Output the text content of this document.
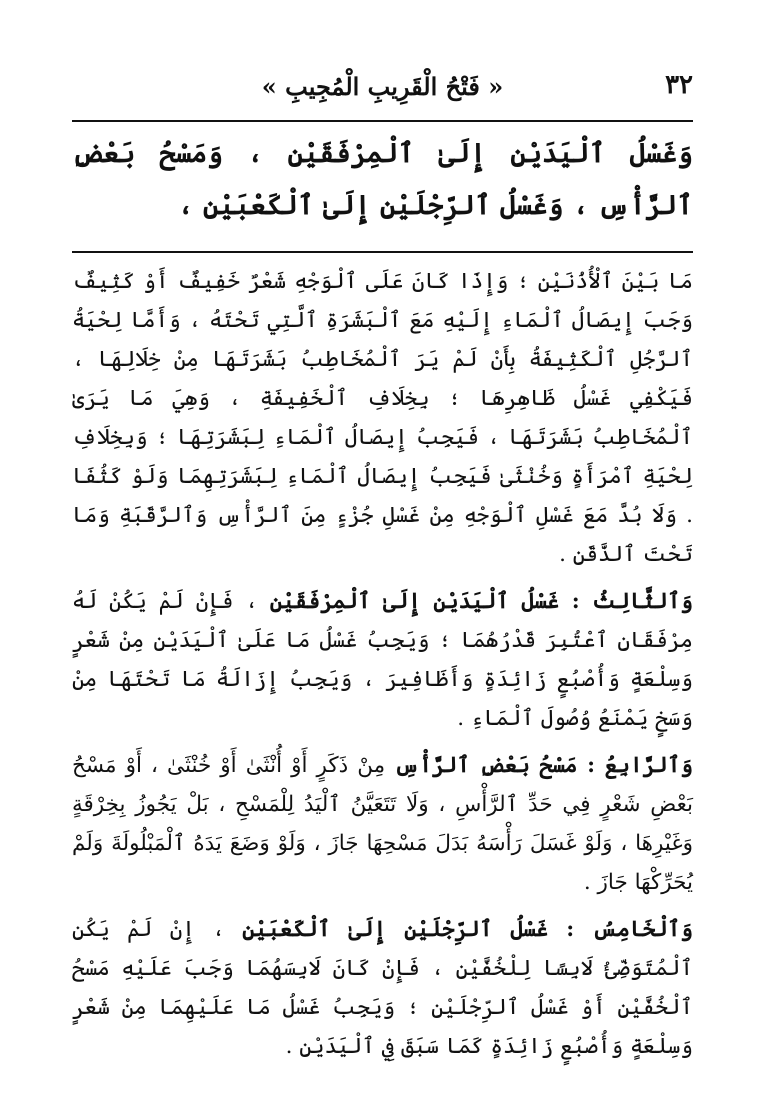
٣٢
« فَتْحُ الْقَرِيبِ الْمُجِيبِ »

وَغَسْلُ ٱلْيَدَيْنِ إِلَىٰ ٱلْمِرْفَقَيْنِ ، وَمَسْحُ بَعْضِ ٱلرَّأْسِ ، وَغَسْلُ ٱلرِّجْلَيْنِ إِلَىٰ ٱلْكَعْبَيْنِ ،

مَا بَيْنَ ٱلْأُذُنَيْنِ ؛ وَإِذَا كَانَ عَلَى ٱلْوَجْهِ شَعْرٌ خَفِيفٌ أَوْ كَثِيفٌ وَجَبَ إِيصَالُ ٱلْمَاءِ إِلَيْهِ مَعَ ٱلْبَشَرَةِ ٱلَّتِي تَحْتَهُ ، وَأَمَّا لِحْيَةُ ٱلرَّجُلِ ٱلْكَثِيفَةُ بِأَنْ لَمْ يَرَ ٱلْمُخَاطِبُ بَشَرَتَهَا مِنْ خِلَالِهَا ، فَيَكْفِي غَسْلُ ظَاهِرِهَا ؛ بِخِلَافِ ٱلْخَفِيفَةِ ، وَهِيَ مَا يَرَىٰ ٱلْمُخَاطِبُ بَشَرَتَهَا ، فَيَجِبُ إِيصَالُ ٱلْمَاءِ لِبَشَرَتِهَا ؛ وَبِخِلَافِ لِحْيَةِ ٱمْرَأَةٍ وَخُنْثَىٰ فَيَجِبُ إِيصَالُ ٱلْمَاءِ لِبَشَرَتِهِمَا وَلَوْ كَثُفَا . وَلَا بُدَّ مَعَ غَسْلِ ٱلْوَجْهِ مِنْ غَسْلِ جُزْءٍ مِنَ ٱلرَّأْسِ وَٱلرَّقَبَةِ وَمَا تَحْتَ ٱلذَّقَنِ .

وَٱلثَّالِثُ : غَسْلُ ٱلْيَدَيْنِ إِلَىٰ ٱلْمِرْفَقَيْنِ ، فَإِنْ لَمْ يَكُنْ لَهُ مِرْفَقَانِ ٱعْتُبِرَ قَدْرُهُمَا ؛ وَيَجِبُ غَسْلُ مَا عَلَىٰ ٱلْيَدَيْنِ مِنْ شَعْرٍ وَسِلْعَةٍ وَأُصْبُعٍ زَائِدَةٍ وَأَظَافِيرَ ، وَيَجِبُ إِزَالَةُ مَا تَحْتَهَا مِنْ وَسَخٍ يَمْنَعُ وُصُولَ ٱلْمَاءِ .

وَٱلرَّابِعُ : مَسْحُ بَعْضِ ٱلرَّأْسِ مِنْ ذَكَرٍ أَوْ أُنْثَىٰ أَوْ خُنْثَىٰ ، أَوْ مَسْحُ بَعْضِ شَعْرٍ فِي حَدِّ ٱلرَّأْسِ ، وَلَا تَتَعَيَّنُ ٱلْيَدُ لِلْمَسْحِ ، بَلْ يَجُوزُ بِخِرْقَةٍ وَغَيْرِهَا ، وَلَوْ غَسَلَ رَأْسَهُ بَدَلَ مَسْحِهَا جَازَ ، وَلَوْ وَضَعَ يَدَهُ ٱلْمَبْلُولَةَ وَلَمْ يُحَرِّكْهَا جَازَ .

وَٱلْخَامِسُ : غَسْلُ ٱلرِّجْلَيْنِ إِلَىٰ ٱلْكَعْبَيْنِ ، إِنْ لَمْ يَكُنِ ٱلْمُتَوَضِّئُ لَابِسًا لِلْخُفَّيْنِ ، فَإِنْ كَانَ لَابِسَهُمَا وَجَبَ عَلَيْهِ مَسْحُ ٱلْخُفَّيْنِ أَوْ غَسْلُ ٱلرِّجْلَيْنِ ؛ وَيَجِبُ غَسْلُ مَا عَلَيْهِمَا مِنْ شَعْرٍ وَسِلْعَةٍ وَأُصْبُعٍ زَائِدَةٍ كَمَا سَبَقَ فِي ٱلْيَدَيْنِ .
